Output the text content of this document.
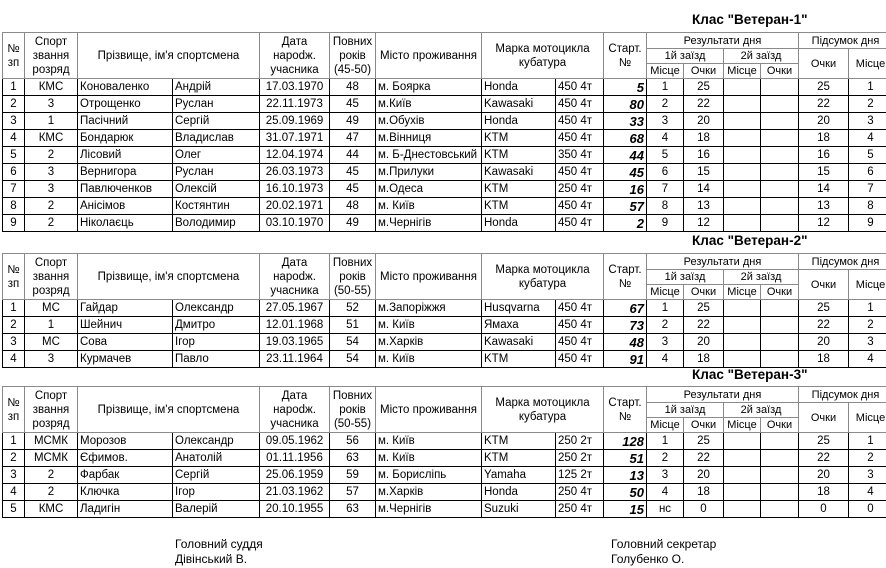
Клас "Ветеран-1"
Клас "Ветеран-2"
Клас "Ветеран-3"
№ зп	Спорт звання розряд	Прізвище, ім'я спортсмена		Дата нарodж. учасника	Повних років (45-50)	Місто проживання	Марка мотоцикла кубатура		Старт. №	Результати дня				Підсумок дня	
										1й заїзд		2й заїзд		Очки	Місце
										Місце	Очки	Місце	Очки		
1	КМС	Коноваленко	Андрій	17.03.1970	48	м. Боярка	Honda	450 4т	5	1	25			25	1
2	3	Отрощенко	Руслан	22.11.1973	45	м.Київ	Kawasaki	450 4т	80	2	22			22	2
3	1	Пасічний	Сергій	25.09.1969	49	м.Обухів	Honda	450 4т	33	3	20			20	3
4	КМС	Бондарюк	Владислав	31.07.1971	47	м.Вінниця	KTM	450 4т	68	4	18			18	4
5	2	Лісовий	Олег	12.04.1974	44	м. Б-Днестовський	KTM	350 4т	44	5	16			16	5
6	3	Вернигора	Руслан	26.03.1973	45	м.Прилуки	Kawasaki	450 4т	45	6	15			15	6
7	3	Павлюченков	Олексій	16.10.1973	45	м.Одеса	KTM	250 4т	16	7	14			14	7
8	2	Анісімов	Костянтин	20.02.1971	48	м. Київ	KTM	450 4т	57	8	13			13	8
9	2	Ніколаєць	Володимир	03.10.1970	49	м.Чернігів	Honda	450 4т	2	9	12			12	9
№ зп	Спорт звання розряд	Прізвище, ім'я спортсмена		Дата нарodж. учасника	Повних років (50-55)	Місто проживання	Марка мотоцикла кубатура		Старт. №	Результати дня				Підсумок дня	
										1й заїзд		2й заїзд		Очки	Місце
										Місце	Очки	Місце	Очки		
1	МС	Гайдар	Олександр	27.05.1967	52	м.Запоріжжя	Husqvarna	450 4т	67	1	25			25	1
2	1	Шейнич	Дмитро	12.01.1968	51	м. Київ	Ямаха	450 4т	73	2	22			22	2
3	МС	Сова	Ігор	19.03.1965	54	м.Харків	Kawasaki	450 4т	48	3	20			20	3
4	3	Курмачев	Павло	23.11.1964	54	м. Київ	KTM	450 4т	91	4	18			18	4
№ зп	Спорт звання розряд	Прізвище, ім'я спортсмена		Дата нарodж. учасника	Повних років (50-55)	Місто проживання	Марка мотоцикла кубатура		Старт. №	Результати дня				Підсумок дня	
										1й заїзд		2й заїзд		Очки	Місце
										Місце	Очки	Місце	Очки		
1	МСМК	Морозов	Олександр	09.05.1962	56	м. Київ	KTM	250 2т	128	1	25			25	1
2	МСМК	Єфимов.	Анатолій	01.11.1956	63	м. Київ	KTM	250 2т	51	2	22			22	2
3	2	Фарбак	Сергій	25.06.1959	59	м. Борисліпь	Yamaha	125 2т	13	3	20			20	3
4	2	Ключка	Ігор	21.03.1962	57	м.Харків	Honda	250 4т	50	4	18			18	4
5	КМС	Ладигін	Валерій	20.10.1955	63	м.Чернігів	Suzuki	250 4т	15	нс	0			0	0
Головний суддя
Дівінський В.
Головний секретар
Голубенко О.
